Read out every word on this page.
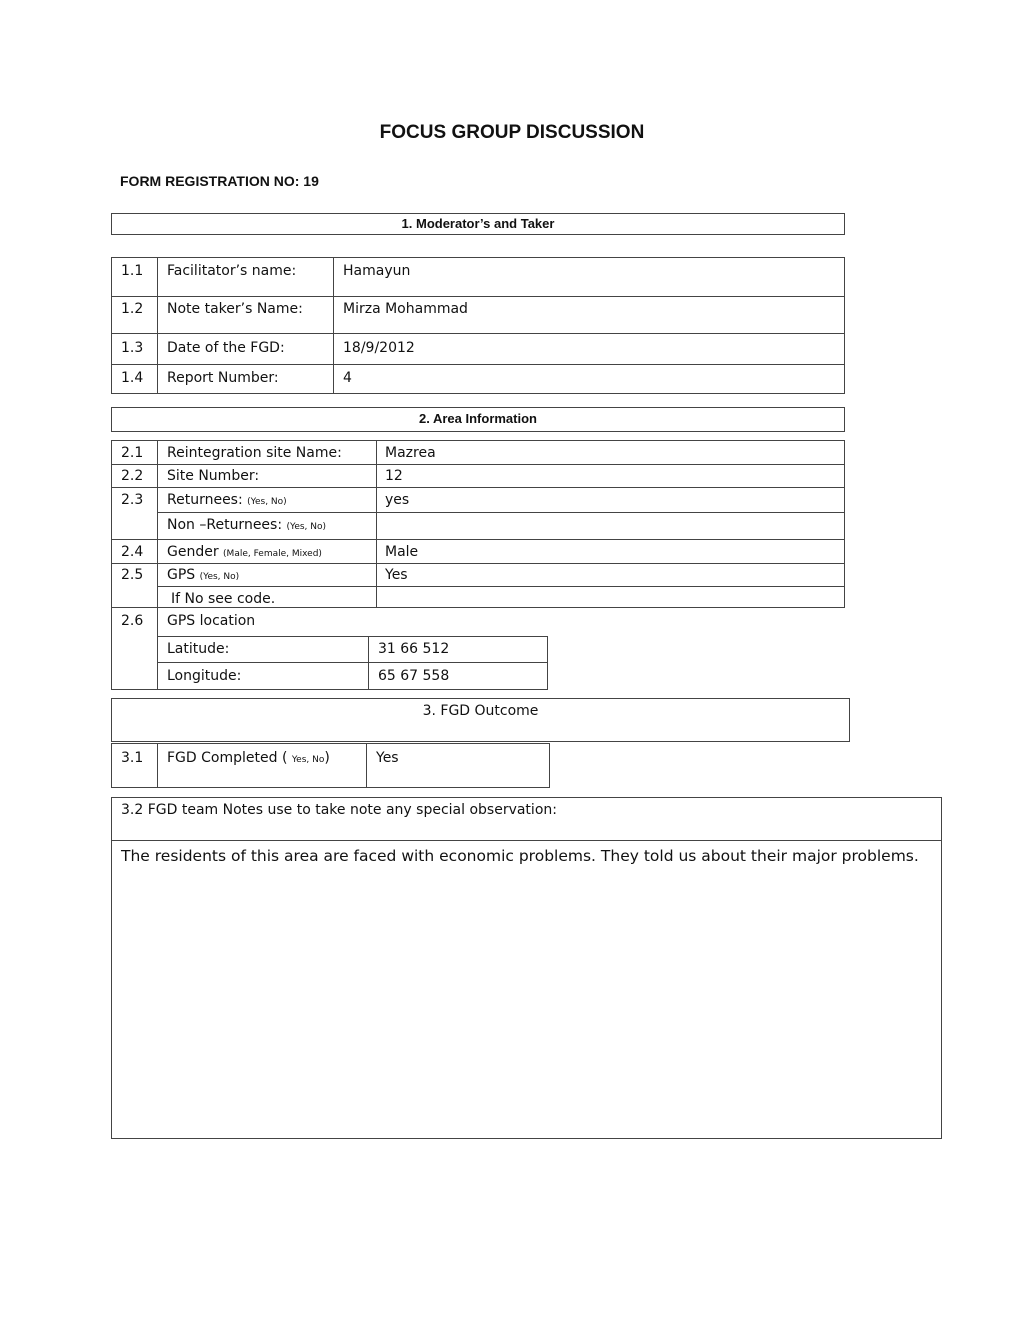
FOCUS GROUP DISCUSSION
FORM REGISTRATION NO: 19
1. Moderator’s and Taker
1.1 Facilitator’s name:	Hamayun
1.2 Note taker’s Name:	Mirza Mohammad
1.3 Date of the FGD:	18/9/2012
1.4 Report Number:	4
2. Area Information
2.1 Reintegration site Name:	Mazrea
2.2 Site Number:	12
2.3 Returnees: (Yes, No)	yes
Non –Returnees: (Yes, No)
2.4 Gender (Male, Female, Mixed)	Male
2.5 GPS (Yes, No)	Yes
If No see code.
2.6 GPS location
Latitude:	31 66 512
Longitude:	65 67 558
3. FGD Outcome
3.1 FGD Completed ( Yes, No)	Yes
3.2 FGD team Notes use to take note any special observation:
The residents of this area are faced with economic problems. They told us about their major problems.
